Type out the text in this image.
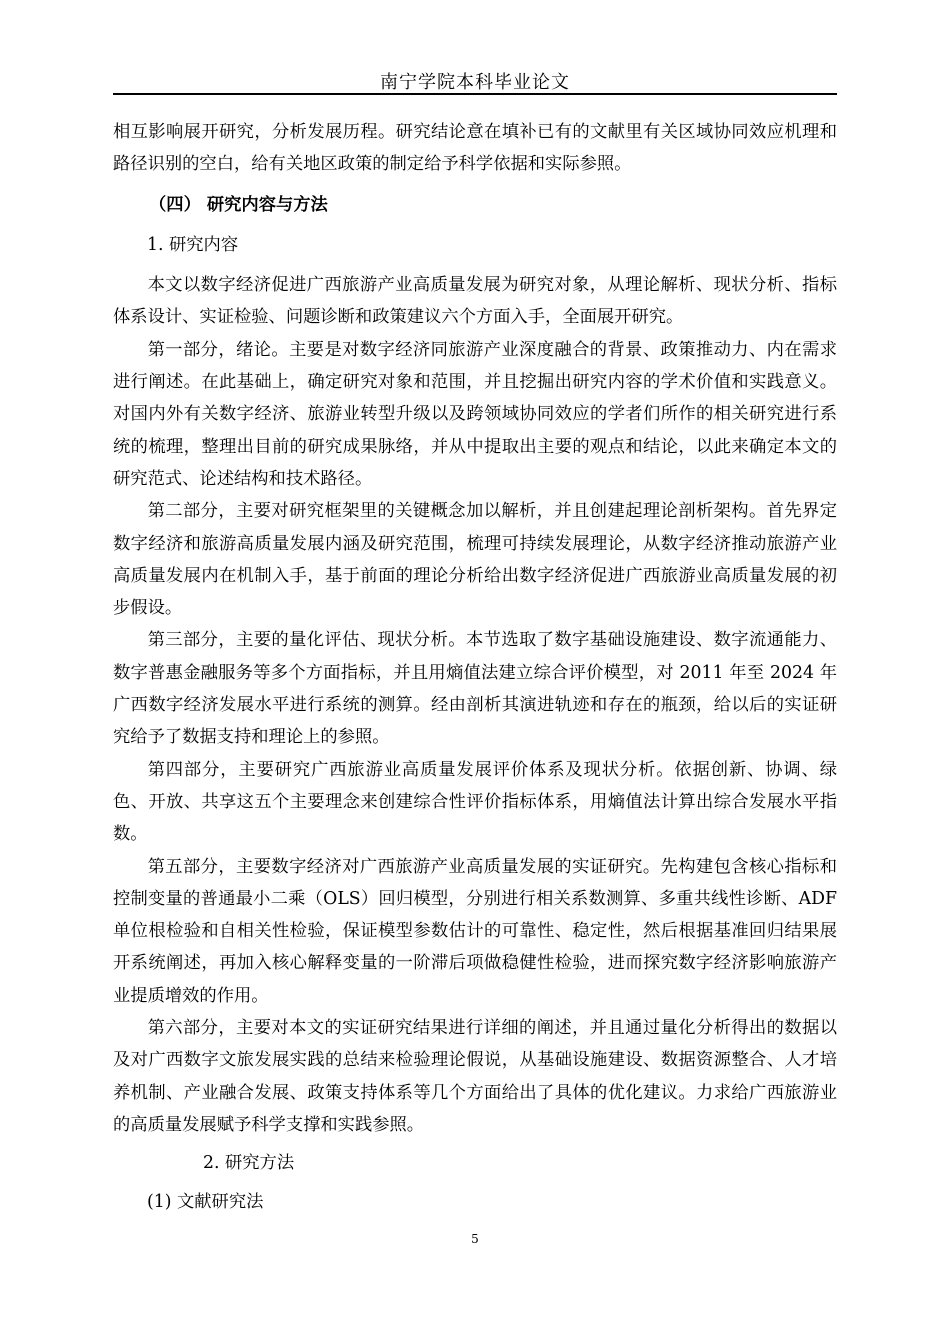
南宁学院本科毕业论文

相互影响展开研究，分析发展历程。研究结论意在填补已有的文献里有关区域协同效应机理和路径识别的空白，给有关地区政策的制定给予科学依据和实际参照。

（四） 研究内容与方法

1. 研究内容

本文以数字经济促进广西旅游产业高质量发展为研究对象，从理论解析、现状分析、指标体系设计、实证检验、问题诊断和政策建议六个方面入手，全面展开研究。

第一部分，绪论。主要是对数字经济同旅游产业深度融合的背景、政策推动力、内在需求进行阐述。在此基础上，确定研究对象和范围，并且挖掘出研究内容的学术价值和实践意义。对国内外有关数字经济、旅游业转型升级以及跨领域协同效应的学者们所作的相关研究进行系统的梳理，整理出目前的研究成果脉络，并从中提取出主要的观点和结论，以此来确定本文的研究范式、论述结构和技术路径。

第二部分，主要对研究框架里的关键概念加以解析，并且创建起理论剖析架构。首先界定数字经济和旅游高质量发展内涵及研究范围，梳理可持续发展理论，从数字经济推动旅游产业高质量发展内在机制入手，基于前面的理论分析给出数字经济促进广西旅游业高质量发展的初步假设。

第三部分，主要的量化评估、现状分析。本节选取了数字基础设施建设、数字流通能力、数字普惠金融服务等多个方面指标，并且用熵值法建立综合评价模型，对 2011 年至 2024 年广西数字经济发展水平进行系统的测算。经由剖析其演进轨迹和存在的瓶颈，给以后的实证研究给予了数据支持和理论上的参照。

第四部分，主要研究广西旅游业高质量发展评价体系及现状分析。依据创新、协调、绿色、开放、共享这五个主要理念来创建综合性评价指标体系，用熵值法计算出综合发展水平指数。

第五部分，主要数字经济对广西旅游产业高质量发展的实证研究。先构建包含核心指标和控制变量的普通最小二乘（OLS）回归模型，分别进行相关系数测算、多重共线性诊断、ADF 单位根检验和自相关性检验，保证模型参数估计的可靠性、稳定性，然后根据基准回归结果展开系统阐述，再加入核心解释变量的一阶滞后项做稳健性检验，进而探究数字经济影响旅游产业提质增效的作用。

第六部分，主要对本文的实证研究结果进行详细的阐述，并且通过量化分析得出的数据以及对广西数字文旅发展实践的总结来检验理论假说，从基础设施建设、数据资源整合、人才培养机制、产业融合发展、政策支持体系等几个方面给出了具体的优化建议。力求给广西旅游业的高质量发展赋予科学支撑和实践参照。

2. 研究方法

(1) 文献研究法

5
